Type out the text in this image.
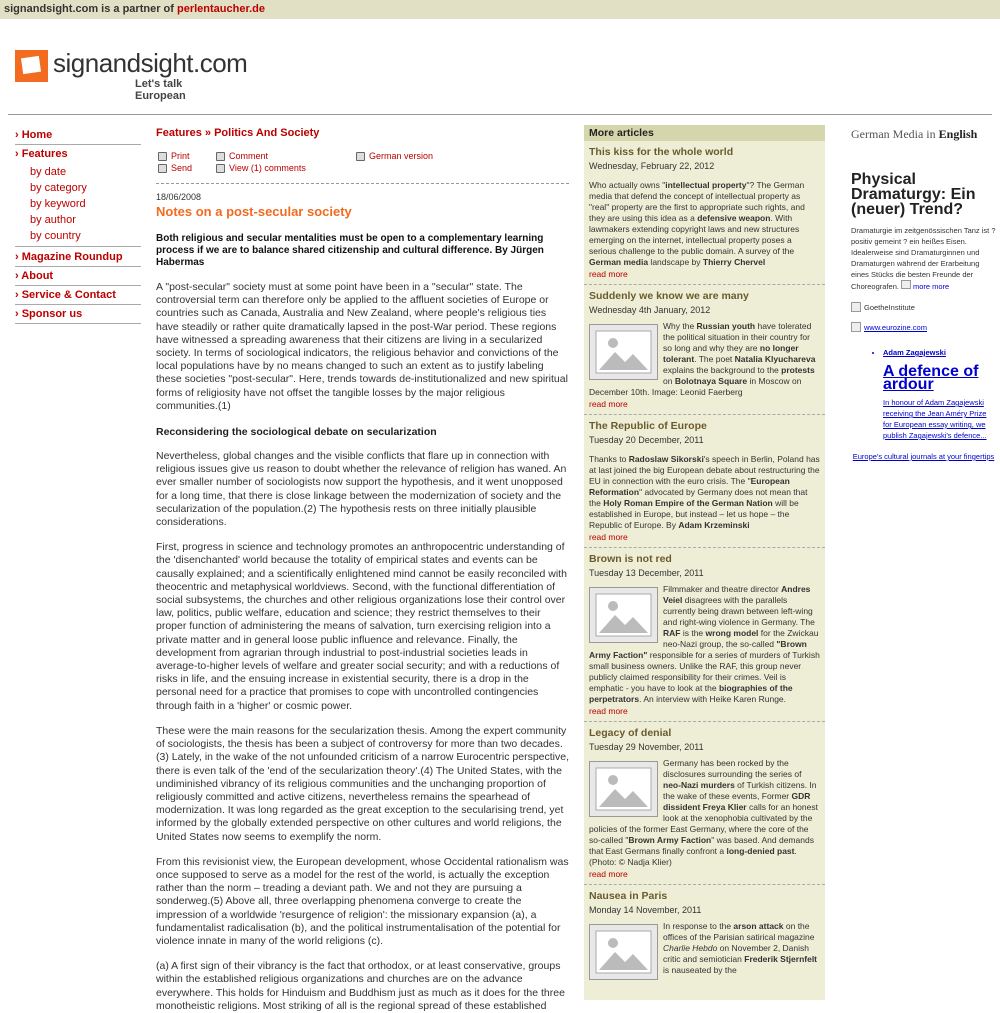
signandsight.com is a partner of perlentaucher.de
signandsight.com
Let's talk European
› Home
› Features
by date
by category
by keyword
by author
by country
› Magazine Roundup
› About
› Service & Contact
› Sponsor us
Features » Politics And Society
Print
Send
Comment
View (1) comments
German version
18/06/2008
Notes on a post-secular society
Both religious and secular mentalities must be open to a complementary learning process if we are to balance shared citizenship and cultural difference. By Jürgen Habermas
A "post-secular" society must at some point have been in a "secular" state. The controversial term can therefore only be applied to the affluent societies of Europe or countries such as Canada, Australia and New Zealand, where people's religious ties have steadily or rather quite dramatically lapsed in the post-War period. These regions have witnessed a spreading awareness that their citizens are living in a secularized society. In terms of sociological indicators, the religious behavior and convictions of the local populations have by no means changed to such an extent as to justify labeling these societies "post-secular". Here, trends towards de-institutionalized and new spiritual forms of religiosity have not offset the tangible losses by the major religious communities.(1)
Reconsidering the sociological debate on secularization
Nevertheless, global changes and the visible conflicts that flare up in connection with religious issues give us reason to doubt whether the relevance of religion has waned. An ever smaller number of sociologists now support the hypothesis, and it went unopposed for a long time, that there is close linkage between the modernization of society and the secularization of the population.(2) The hypothesis rests on three initially plausible considerations.
First, progress in science and technology promotes an anthropocentric understanding of the 'disenchanted' world because the totality of empirical states and events can be causally explained; and a scientifically enlightened mind cannot be easily reconciled with theocentric and metaphysical worldviews. Second, with the functional differentiation of social subsystems, the churches and other religious organizations lose their control over law, politics, public welfare, education and science; they restrict themselves to their proper function of administering the means of salvation, turn exercising religion into a private matter and in general loose public influence and relevance. Finally, the development from agrarian through industrial to post-industrial societies leads in average-to-higher levels of welfare and greater social security; and with a reductions of risks in life, and the ensuing increase in existential security, there is a drop in the personal need for a practice that promises to cope with uncontrolled contingencies through faith in a 'higher' or cosmic power.
These were the main reasons for the secularization thesis. Among the expert community of sociologists, the thesis has been a subject of controversy for more than two decades.(3) Lately, in the wake of the not unfounded criticism of a narrow Eurocentric perspective, there is even talk of the 'end of the secularization theory'.(4) The United States, with the undiminished vibrancy of its religious communities and the unchanging proportion of religiously committed and active citizens, nevertheless remains the spearhead of modernization. It was long regarded as the great exception to the secularising trend, yet informed by the globally extended perspective on other cultures and world religions, the United States now seems to exemplify the norm.
From this revisionist view, the European development, whose Occidental rationalism was once supposed to serve as a model for the rest of the world, is actually the exception rather than the norm – treading a deviant path. We and not they are pursuing a sonderweg.(5) Above all, three overlapping phenomena converge to create the impression of a worldwide 'resurgence of religion': the missionary expansion (a), a fundamentalist radicalisation (b), and the political instrumentalisation of the potential for violence innate in many of the world religions (c).
(a) A first sign of their vibrancy is the fact that orthodox, or at least conservative, groups within the established religious organizations and churches are on the advance everywhere. This holds for Hinduism and Buddhism just as much as it does for the three monotheistic religions. Most striking of all is the regional spread of these established
More articles
This kiss for the whole world
Wednesday, February 22, 2012
Who actually owns "intellectual property"? The German media that defend the concept of intellectual property as "real" property are the first to appropriate such rights, and they are using this idea as a defensive weapon. With lawmakers extending copyright laws and new structures emerging on the internet, intellectual property poses a serious challenge to the public domain. A survey of the German media landscape by Thierry Chervel
read more
Suddenly we know we are many
Wednesday 4th January, 2012
Why the Russian youth have tolerated the political situation in their country for so long and why they are no longer tolerant. The poet Natalia Klyuchareva explains the background to the protests on Bolotnaya Square in Moscow on December 10th. Image: Leonid Faerberg
read more
The Republic of Europe
Tuesday 20 December, 2011
Thanks to Radoslaw Sikorski's speech in Berlin, Poland has at last joined the big European debate about restructuring the EU in connection with the euro crisis. The "European Reformation" advocated by Germany does not mean that the Holy Roman Empire of the German Nation will be established in Europe, but instead – let us hope – the Republic of Europe. By Adam Krzeminski
read more
Brown is not red
Tuesday 13 December, 2011
Filmmaker and theatre director Andres Veiel disagrees with the parallels currently being drawn between left-wing and right-wing violence in Germany. The RAF is the wrong model for the Zwickau neo-Nazi group, the so-called "Brown Army Faction" responsible for a series of murders of Turkish small business owners. Unlike the RAF, this group never publicly claimed responsibility for their crimes. Veil is emphatic - you have to look at the biographies of the perpetrators. An interview with Heike Karen Runge.
read more
Legacy of denial
Tuesday 29 November, 2011
Germany has been rocked by the disclosures surrounding the series of neo-Nazi murders of Turkish citizens. In the wake of these events, Former GDR dissident Freya Klier calls for an honest look at the xenophobia cultivated by the policies of the former East Germany, where the core of the so-called "Brown Army Faction" was based. And demands that East Germans finally confront a long-denied past. (Photo: © Nadja Klier)
read more
Nausea in Paris
Monday 14 November, 2011
In response to the arson attack on the offices of the Parisian satirical magazine Charlie Hebdo on November 2, Danish critic and semiotician Frederik Stjernfelt is nauseated by the
German Media in English
Physical Dramaturgy: Ein (neuer) Trend?
Dramaturgie im zeitgenössischen Tanz ist ? positiv gemeint ? ein heißes Eisen. Idealerweise sind Dramaturginnen und Dramaturgen während der Erarbeitung eines Stücks die besten Freunde der Choreografen. more more
GoetheInstitute
www.eurozine.com
• Adam Zagajewski
A defence of ardour
In honour of Adam Zagajewski receiving the Jean Améry Prize for European essay writing, we publish Zagajewski's defence...
Europe's cultural journals at your fingertips
